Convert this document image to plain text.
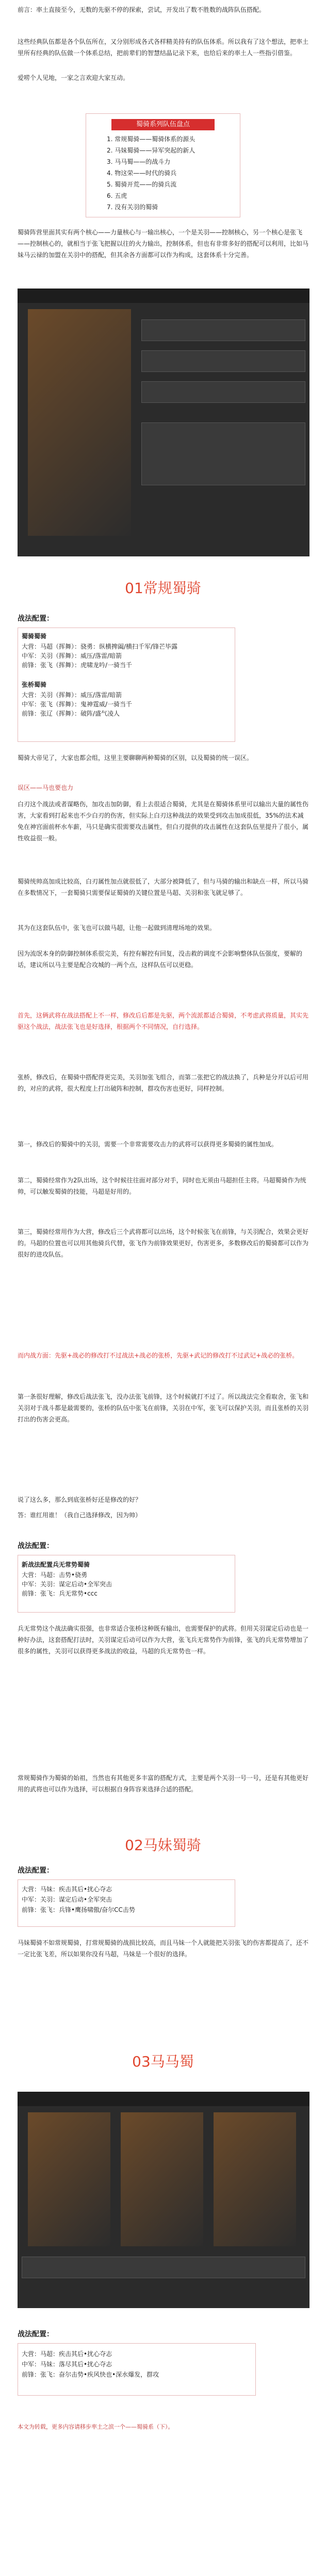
前言：率土直接至今，无数的先驱不停的探索，尝试，开发出了数不胜数的战阵队伍搭配。

这些经典队伍都是各个队伍所在，又分别形成各式各样精美持有的队伍体系。所以我有了这个想法，把率土里所有经典的队伍做一个体系总结，把前辈们的智慧结晶记录下来，也给后来的率土人一些指引借鉴。

爱唠个人见地，一家之言欢迎大家互动。

蜀骑系列队伍盘点
1. 常规蜀骑——蜀骑体系的源头
2. 马妹蜀骑——异军突起的新人
3. 马马蜀——的战斗力
4. 物这荣——时代的骑兵
5. 蜀骑开荒——的骑兵流
6. 五虎
7. 没有关羽的蜀骑

蜀骑阵营里面其实有两个核心——力量核心与一输出核心，一个是关羽——控制核心，另一个核心是张飞——控制核心的，就相当于张飞把握以往的火力输出，控制体系，但也有非常多好的搭配可以利用，比如马妹马云禄的加盟在关羽中的搭配，但其余各方面都可以作为构成，这套体系十分完善。

01常规蜀骑
战法配置：
蜀骑蜀骑
大营：马超（挥舞）：骁勇：纵横捭阖/横扫千军/锋芒毕露
中军：关羽（挥舞）：威压/落雷/暗箭
前锋：张飞（挥舞）：虎啸龙吟/一骑当千
张桥蜀骑
大营：关羽（挥舞）：威压/落雷/暗箭
中军：张飞（挥舞）：鬼神霆威/一骑当千
前锋：张辽（挥舞）：破阵/盛气凌人

蜀骑大帝见了，大家也都会组，这里主要聊聊两种蜀骑的区别，以及蜀骑的统一误区。

误区——马也要也力

白刃这个战法或者谋略伤，加攻击加防御，看上去很适合蜀骑，尤其是在蜀骑体系里可以输出大量的属性伤害，大家看到打起来也不少白刃的伤害，但实际上白刃这种战法的效果受到攻击加成很低，35%的法术减免在神宫面前杯水车薪，马只是确实很需要攻击属性，但白刃提供的攻击属性在这套队伍里提升了很小，属性收益很一般。

蜀骑统帅高加成比较高，白刃属性加点就很低了，大部分被降低了，但与马骑的输出和缺点一样，所以马骑在多数情况下，一套蜀骑只需要保证蜀骑的关键位置是马超、关羽和张飞就足够了。

其为在这套队伍中，张飞也可以做马超，让他一起做到清理场地的效果。

因为流氓本身的防御控制体系很完美，有控有解控有回复，没击救的调度不会影响整体队伍强度，要解的话，建议所以马主要是配合攻城的一两个点，这样队伍可以更稳。

首先，这俩武将在战法搭配上不一样，修改后后都是先驱，两个流派都适合蜀骑，不考虑武将质量，其实先驱这个战法，战法张飞也是好选择，根据两个不同情况，自行选择。

张桥，修改后，在蜀骑中搭配得更完美，关羽加张飞组合，而第二张把它的战法换了，兵种是分开以后可用的，对应的武将，很大程度上打出破阵和控制，群攻伤害也更好，同样控制。

第一，修改后的蜀骑中的关羽，需要一个非常需要攻击力的武将可以获得更多蜀骑的属性加成。

第二，蜀骑经常作为2队出场，这个时候往往面对部分对手，同时也无须由马超担任主将。马超蜀骑作为统帅，可以触发蜀骑的技能，马超是好用的。

第三，蜀骑经常用作为大营，修改后三个武将都可以出场，这个时候张飞在前锋，与关羽配合，效果会更好的。马超的位置也可以用其他骑兵代替，张飞作为前锋效果更好，伤害更多，多数修改后的蜀骑都可以作为很好的进攻队伍。

而内战方面：先驱+战必的修改打不过战法+战必的张桥，先驱+武记的修改打不过武记+战必的张桥。

第一条很好理解，修改后战法张飞，没办法张飞前锋，这个时候就打不过了。所以战法完全看取舍，张飞和关羽对于战斗都是最需要的，张桥的队伍中张飞在前锋，关羽在中军，张飞可以保护关羽，而且张桥的关羽打出的伤害会更高。

说了这么多，那么到底张桥好还是修改的好？

答：谁红用谁！（我自己选择修改，因为帅）

战法配置：
新战法配置兵无常势蜀骑
大营：马超：击势•骁勇
中军：关羽：谋定后动•全军突击
前锋：张飞：兵无常势•ccc

兵无常势这个战法确实很强，也非常适合张桥这种既有输出，也需要保护的武将。但用关羽谋定后动也是一种好办法，这套搭配打法时，关羽谋定后动可以作为大营，张飞兵无常势作为前锋，张飞的兵无常势增加了很多的属性，关羽可以获得更多战法的收益，马超的兵无常势也一样。

常规蜀骑作为蜀骑的始祖，当然也有其他更多丰富的搭配方式，主要是两个关羽一号一号，还是有其他更好用的武将也可以作为选择，可以根据自身阵容来选择合适的搭配。

02马妹蜀骑
战法配置：
大营：马妹：疾击其后•扰心夺志
中军：关羽：谋定后动•全军突击
前锋：张飞：兵锋•鹰扬啸傲/奋尔CC击势

马妹蜀骑不如常规蜀骑，打常规蜀骑的战损比较高，而且马妹一个人就能把关羽张飞的伤害都提高了，还不一定比张飞差，所以如果你没有马超，马妹是一个很好的选择。

03马马蜀
战法配置：
大营：马超：疾击其后•扰心夺志
中军：马妹：落尽其后•扰心夺志
前锋：张飞：奋尔击势•疾风快也•深水爆发，群攻

本文为转载，更多内容请移步率土之滨一个——蜀骑系（下）。
